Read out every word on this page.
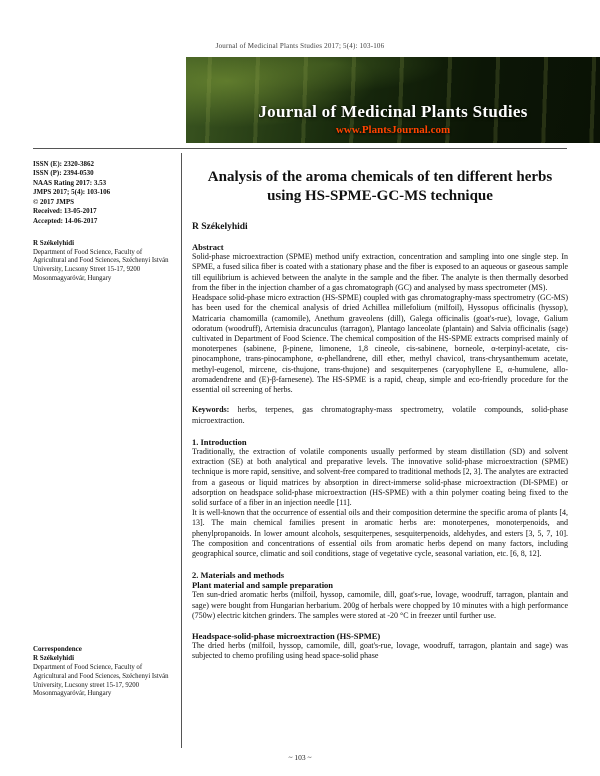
Journal of Medicinal Plants Studies 2017; 5(4): 103-106
Journal of Medicinal Plants Studies
www.PlantsJournal.com
ISSN (E): 2320-3862
ISSN (P): 2394-0530
NAAS Rating 2017: 3.53
JMPS 2017; 5(4): 103-106
© 2017 JMPS
Received: 13-05-2017
Accepted: 14-06-2017
R Székelyhidi
Department of Food Science, Faculty of Agricultural and Food Sciences, Széchenyi István University, Lucsony Street 15-17, 9200 Mosonmagyaróvár, Hungary
Correspondence
R Székelyhidi
Department of Food Science, Faculty of Agricultural and Food Sciences, Széchenyi István University, Lucsony street 15-17, 9200 Mosonmagyaróvár, Hungary
Analysis of the aroma chemicals of ten different herbs using HS-SPME-GC-MS technique
R Székelyhidi
Abstract

Solid-phase microextraction (SPME) method unify extraction, concentration and sampling into one single step. In SPME, a fused silica fiber is coated with a stationary phase and the fiber is exposed to an aqueous or gaseous sample till equilibrium is achieved between the analyte in the sample and the fiber. The analyte is then thermally desorbed from the fiber in the injection chamber of a gas chromatograph (GC) and analysed by mass spectrometer (MS).

Headspace solid-phase micro extraction (HS-SPME) coupled with gas chromatography-mass spectrometry (GC-MS) has been used for the chemical analysis of dried Achillea millefolium (milfoil), Hyssopus officinalis (hyssop), Matricaria chamomilla (camomile), Anethum graveolens (dill), Galega officinalis (goat's-rue), lovage, Galium odoratum (woodruff), Artemisia dracunculus (tarragon), Plantago lanceolate (plantain) and Salvia officinalis (sage) cultivated in Department of Food Science. The chemical composition of the HS-SPME extracts comprised mainly of monoterpenes (sabinene, β-pinene, limonene, 1,8 cineole, cis-sabinene, borneole, α-terpinyl-acetate, cis-pinocamphone, trans-pinocamphone, α-phellandrene, dill ether, methyl chavicol, trans-chrysanthemum acetate, methyl-eugenol, mircene, cis-thujone, trans-thujone) and sesquiterpenes (caryophyllene E, α-humulene, allo-aromadendrene and (E)-β-farnesene). The HS-SPME is a rapid, cheap, simple and eco-friendly procedure for the essential oil screening of herbs.

Keywords: herbs, terpenes, gas chromatography-mass spectrometry, volatile compounds, solid-phase microextraction.

1. Introduction

Traditionally, the extraction of volatile components usually performed by steam distillation (SD) and solvent extraction (SE) at both analytical and preparative levels. The innovative solid-phase microextraction (SPME) technique is more rapid, sensitive, and solvent-free compared to traditional methods [2, 3]. The analytes are extracted from a gaseous or liquid matrices by absorption in direct-immerse solid-phase microextraction (DI-SPME) or adsorption on headspace solid-phase microextraction (HS-SPME) with a thin polymer coating being fixed to the solid surface of a fiber in an injection needle [11].

It is well-known that the occurrence of essential oils and their composition determine the specific aroma of plants [4, 13]. The main chemical families present in aromatic herbs are: monoterpenes, monoterpenoids, and phenylpropanoids. In lower amount alcohols, sesquiterpenes, sesquiterpenoids, aldehydes, and esters [3, 5, 7, 10]. The composition and concentrations of essential oils from aromatic herbs depend on many factors, including geographical source, climatic and soil conditions, stage of vegetative cycle, seasonal variation, etc. [6, 8, 12].

2. Materials and methods
Plant material and sample preparation

Ten sun-dried aromatic herbs (milfoil, hyssop, camomile, dill, goat's-rue, lovage, woodruff, tarragon, plantain and sage) were bought from Hungarian herbarium. 200g of herbals were chopped by 10 minutes with a high performance (750w) electric kitchen grinders. The samples were stored at -20 °C in freezer until further use.

Headspace-solid-phase microextraction (HS-SPME)

The dried herbs (milfoil, hyssop, camomile, dill, goat's-rue, lovage, woodruff, tarragon, plantain and sage) was subjected to chemo profiling using head space-solid phase

~ 103 ~
